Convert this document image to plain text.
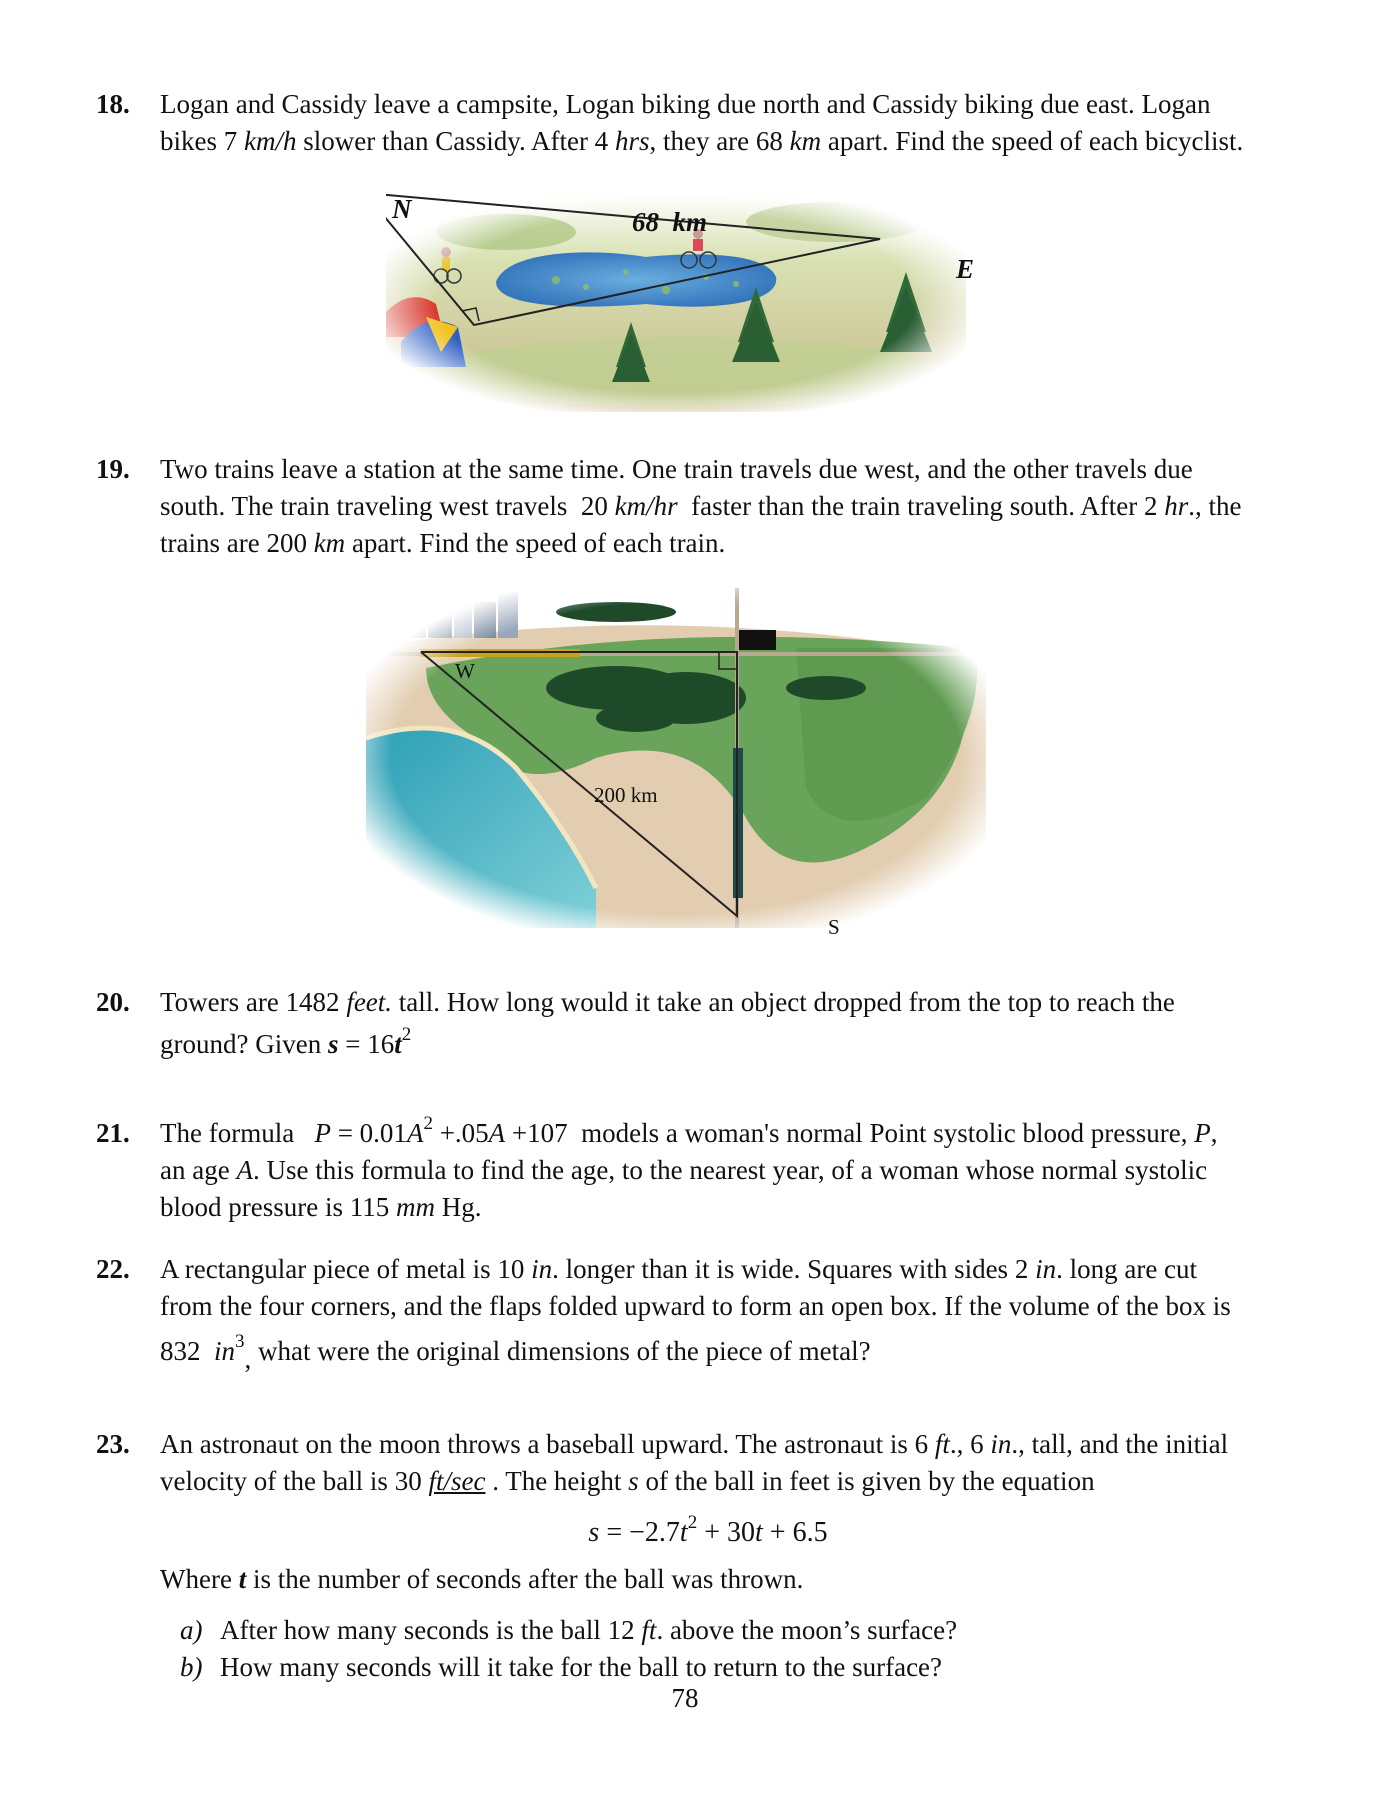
18. Logan and Cassidy leave a campsite, Logan biking due north and Cassidy biking due east. Logan

bikes 7 km/h slower than Cassidy. After 4 hrs, they are 68 km apart. Find the speed of each bicyclist.

N	68  km
E
19. Two trains leave a station at the same time. One train travels due west, and the other travels due

south. The train traveling west travels  20 km/hr  faster than the train traveling south. After 2 hr., the

trains are 200 km apart. Find the speed of each train.

W
200 km
S
20. Towers are 1482 feet. tall. How long would it take an object dropped from the top to reach the

ground? Given $s = 16t^2$

21. The formula   $P = 0.01A^2 +.05A +107$  models a woman's normal Point systolic blood pressure, P,

an age A. Use this formula to find the age, to the nearest year, of a woman whose normal systolic

blood pressure is 115 mm Hg.

22. A rectangular piece of metal is 10 in. longer than it is wide. Squares with sides 2 in. long are cut

from the four corners, and the flaps folded upward to form an open box. If the volume of the box is

832  $in^3$, what were the original dimensions of the piece of metal?

23. An astronaut on the moon throws a baseball upward. The astronaut is 6 ft., 6 in., tall, and the initial

velocity of the ball is 30 ft/sec . The height s of the ball in feet is given by the equation

$s = -2.7t^2 + 30t + 6.5$

Where t is the number of seconds after the ball was thrown.

a) After how many seconds is the ball 12 ft. above the moon’s surface?
b) How many seconds will it take for the ball to return to the surface?
78
